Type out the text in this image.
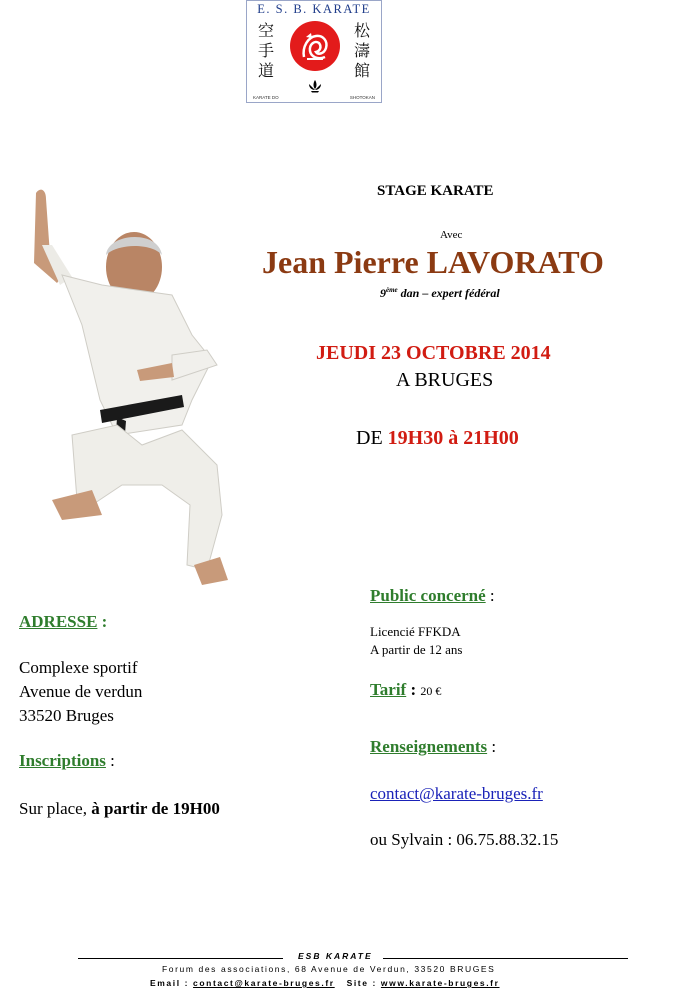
E. S. B. KARATE
空
手
道
松
濤
館
KARATE DO	SHOTOKAN
STAGE KARATE
Avec
Jean Pierre LAVORATO
9ème dan – expert fédéral
JEUDI 23 OCTOBRE 2014
A BRUGES
DE 19H30 à 21H00
ADRESSE :
Complexe sportif
Avenue de verdun
33520 Bruges
Inscriptions :
Sur place, à partir de 19H00
Public concerné :
Licencié FFKDA
A partir de 12 ans
Tarif : 20 €
Renseignements :
contact@karate-bruges.fr
ou Sylvain : 06.75.88.32.15
ESB KARATE
Forum des associations, 68 Avenue de Verdun, 33520 BRUGES
Email : contact@karate-bruges.fr   Site : www.karate-bruges.fr
